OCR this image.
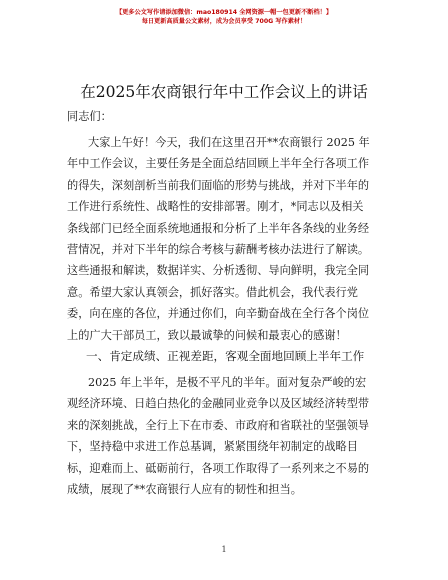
【更多公文写作请添加微信：mao180914 全网资源一帽一包更新不断档！】
每日更新高质量公文素材，成为会员享受 700G 写作素材！
在2025年农商银行年中工作会议上的讲话
同志们：
大家上午好！今天，我们在这里召开**农商银行 2025 年
年中工作会议，主要任务是全面总结回顾上半年全行各项工作
的得失，深刻剖析当前我们面临的形势与挑战，并对下半年的
工作进行系统性、战略性的安排部署。刚才，*同志以及相关
条线部门已经全面系统地通报和分析了上半年各条线的业务经
营情况，并对下半年的综合考核与薪酬考核办法进行了解读。
这些通报和解读，数据详实、分析透彻、导向鲜明，我完全同
意。希望大家认真领会，抓好落实。借此机会，我代表行党
委，向在座的各位，并通过你们，向辛勤奋战在全行各个岗位
上的广大干部员工，致以最诚挚的问候和最衷心的感谢！
一、肯定成绩、正视差距，客观全面地回顾上半年工作
2025 年上半年，是极不平凡的半年。面对复杂严峻的宏
观经济环境、日趋白热化的金融同业竞争以及区域经济转型带
来的深刻挑战，全行上下在市委、市政府和省联社的坚强领导
下，坚持稳中求进工作总基调，紧紧围绕年初制定的战略目
标，迎难而上、砥砺前行，各项工作取得了一系列来之不易的
成绩，展现了**农商银行人应有的韧性和担当。
1
